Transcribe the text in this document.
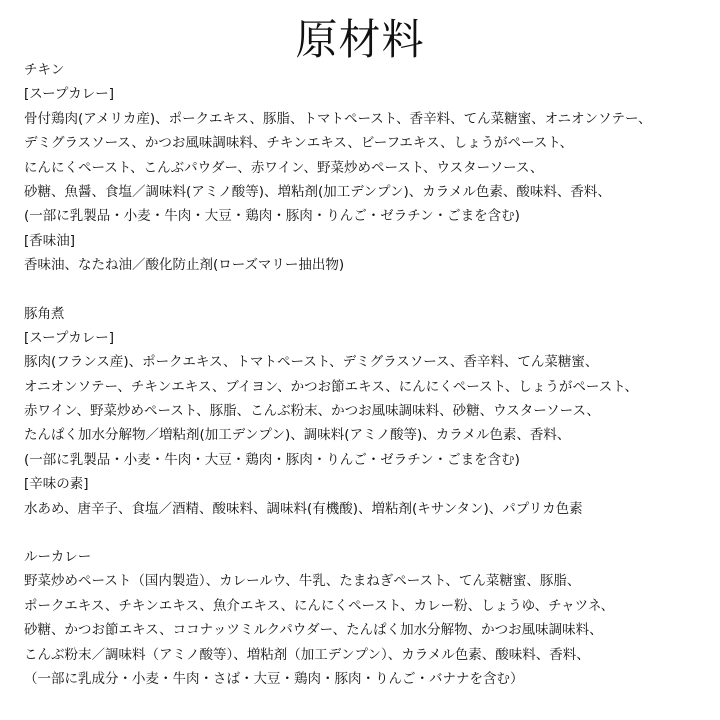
原材料
チキン
[スープカレー]
骨付鶏肉(アメリカ産)、ポークエキス、豚脂、トマトペースト、香辛料、てん菜糖蜜、オニオンソテー、
デミグラスソース、かつお風味調味料、チキンエキス、ビーフエキス、しょうがペースト、
にんにくペースト、こんぶパウダー、赤ワイン、野菜炒めペースト、ウスターソース、
砂糖、魚醤、食塩／調味料(アミノ酸等)、増粘剤(加工デンプン)、カラメル色素、酸味料、香料、
(一部に乳製品・小麦・牛肉・大豆・鶏肉・豚肉・りんご・ゼラチン・ごまを含む)
[香味油]
香味油、なたね油／酸化防止剤(ローズマリー抽出物)
豚角煮
[スープカレー]
豚肉(フランス産)、ポークエキス、トマトペースト、デミグラスソース、香辛料、てん菜糖蜜、
オニオンソテー、チキンエキス、ブイヨン、かつお節エキス、にんにくペースト、しょうがペースト、
赤ワイン、野菜炒めペースト、豚脂、こんぶ粉末、かつお風味調味料、砂糖、ウスターソース、
たんぱく加水分解物／増粘剤(加工デンプン)、調味料(アミノ酸等)、カラメル色素、香料、
(一部に乳製品・小麦・牛肉・大豆・鶏肉・豚肉・りんご・ゼラチン・ごまを含む)
[辛味の素]
水あめ、唐辛子、食塩／酒精、酸味料、調味料(有機酸)、増粘剤(キサンタン)、パプリカ色素
ルーカレー
野菜炒めペースト（国内製造）、カレールウ、牛乳、たまねぎペースト、てん菜糖蜜、豚脂、
ポークエキス、チキンエキス、魚介エキス、にんにくペースト、カレー粉、しょうゆ、チャツネ、
砂糖、かつお節エキス、ココナッツミルクパウダー、たんぱく加水分解物、かつお風味調味料、
こんぶ粉末／調味料（アミノ酸等）、増粘剤（加工デンプン）、カラメル色素、酸味料、香料、
（一部に乳成分・小麦・牛肉・さば・大豆・鶏肉・豚肉・りんご・バナナを含む）
